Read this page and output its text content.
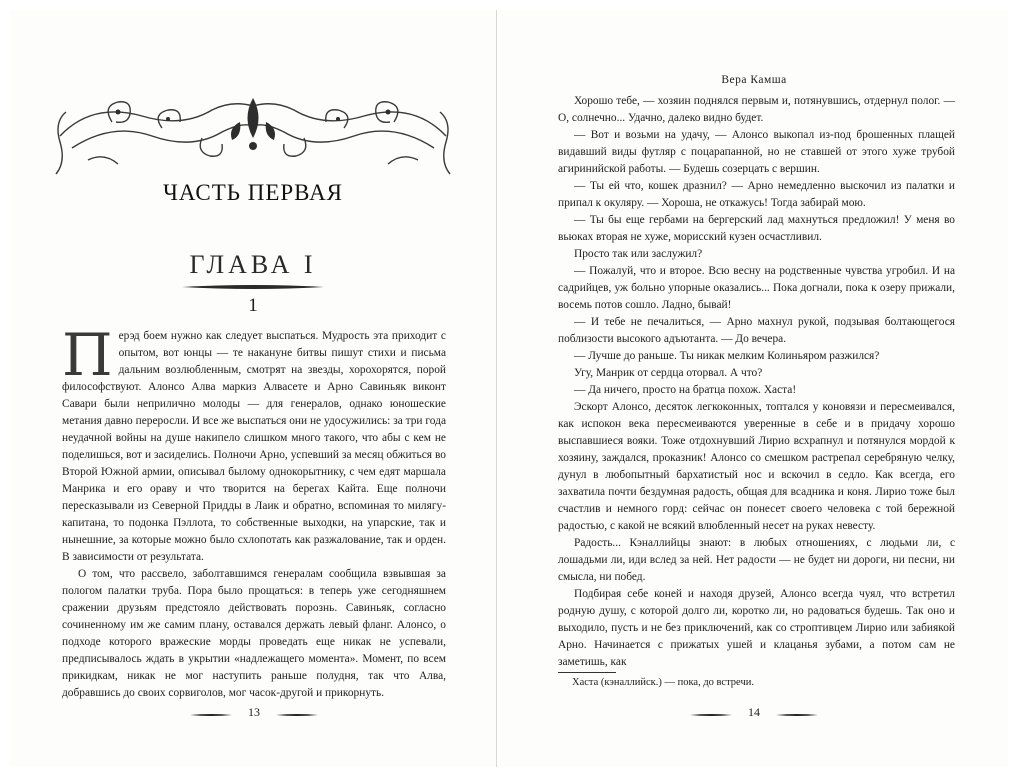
ЧАСТЬ ПЕРВАЯ
ГЛАВА I
1

Перэд боем нужно как следует выспаться. Мудрость эта приходит с опытом, вот юнцы — те накануне битвы пишут стихи и письма дальним возлюбленным, смотрят на звезды, хорохорятся, порой философствуют. Алонсо Алва маркиз Алвасете и Арно Савиньяк виконт Савари были неприлично молоды — для генералов, однако юношеские метания давно переросли. И все же выспаться они не удосужились: за три года неудачной войны на душе накипело слишком много такого, что абы с кем не поделишься, вот и засиделись. Полночи Арно, успевший за месяц обжиться во Второй Южной армии, описывал былому однокорытнику, с чем едят маршала Манрика и его ораву и что творится на берегах Кайта. Еще полночи пересказывали из Северной Придды в Лаик и обратно, вспоминая то милягу-капитана, то подонка Пэллота, то собственные выходки, на упарские, так и нынешние, за которые можно было схлопотать как разжалование, так и орден. В зависимости от результата.

О том, что рассвело, заболтавшимся генералам сообщила взвывшая за пологом палатки труба. Пора было прощаться: в теперь уже сегодняшнем сражении друзьям предстояло действовать порознь. Савиньяк, согласно сочиненному им же самим плану, оставался держать левый фланг. Алонсо, о подходе которого вражеские морды проведать еще никак не успевали, предписывалось ждать в укрытии «надлежащего момента». Момент, по всем прикидкам, никак не мог наступить раньше полудня, так что Алва, добравшись до своих сорвиголов, мог часок-другой и прикорнуть.

13
Вера Камша

Хорошо тебе, — хозяин поднялся первым и, потянувшись, отдернул полог. — О, солнечно... Удачно, далеко видно будет.

— Вот и возьми на удачу, — Алонсо выкопал из-под брошенных плащей видавший виды футляр с поцарапанной, но не ставшей от этого хуже трубой агиринийской работы. — Будешь созерцать с вершин.

— Ты ей что, кошек дразнил? — Арно немедленно выскочил из палатки и припал к окуляру. — Хороша, не откажусь! Тогда забирай мою.

— Ты бы еще гербами на бергерский лад махнуться предложил! У меня во вьюках вторая не хуже, морисский кузен осчастливил.

Просто так или заслужил?

— Пожалуй, что и второе. Всю весну на родственные чувства угробил. И на садрийцев, уж больно упорные оказались... Пока догнали, пока к озеру прижали, восемь потов сошло. Ладно, бывай!

— И тебе не печалиться, — Арно махнул рукой, подзывая болтающегося поблизости высокого адъютанта. — До вечера.

— Лучше до раньше. Ты никак мелким Колиньяром разжился?

Угу, Манрик от сердца оторвал. А что?

— Да ничего, просто на братца похож. Хаста!

Эскорт Алонсо, десяток легкоконных, топтался у коновязи и пересмеивался, как испокон века пересмеиваются уверенные в себе и в придачу хорошо выспавшиеся вояки. Тоже отдохнувший Лирио всхрапнул и потянулся мордой к хозяину, заждался, проказник! Алонсо со смешком растрепал серебряную челку, дунул в любопытный бархатистый нос и вскочил в седло. Как всегда, его захватила почти бездумная радость, общая для всадника и коня. Лирио тоже был счастлив и немного горд: сейчас он понесет своего человека с той бережной радостью, с какой не всякий влюбленный несет на руках невесту.

Радость... Кэналлийцы знают: в любых отношениях, с людьми ли, с лошадьми ли, иди вслед за ней. Нет радости — не будет ни дороги, ни песни, ни смысла, ни побед.

Подбирая себе коней и находя друзей, Алонсо всегда чуял, что встретил родную душу, с которой долго ли, коротко ли, но радоваться будешь. Так оно и выходило, пусть и не без приключений, как со строптивцем Лирио или забиякой Арно. Начинается с прижатых ушей и клацанья зубами, а потом сам не заметишь, как

Хаста (кэналлийск.) — пока, до встречи.
14
